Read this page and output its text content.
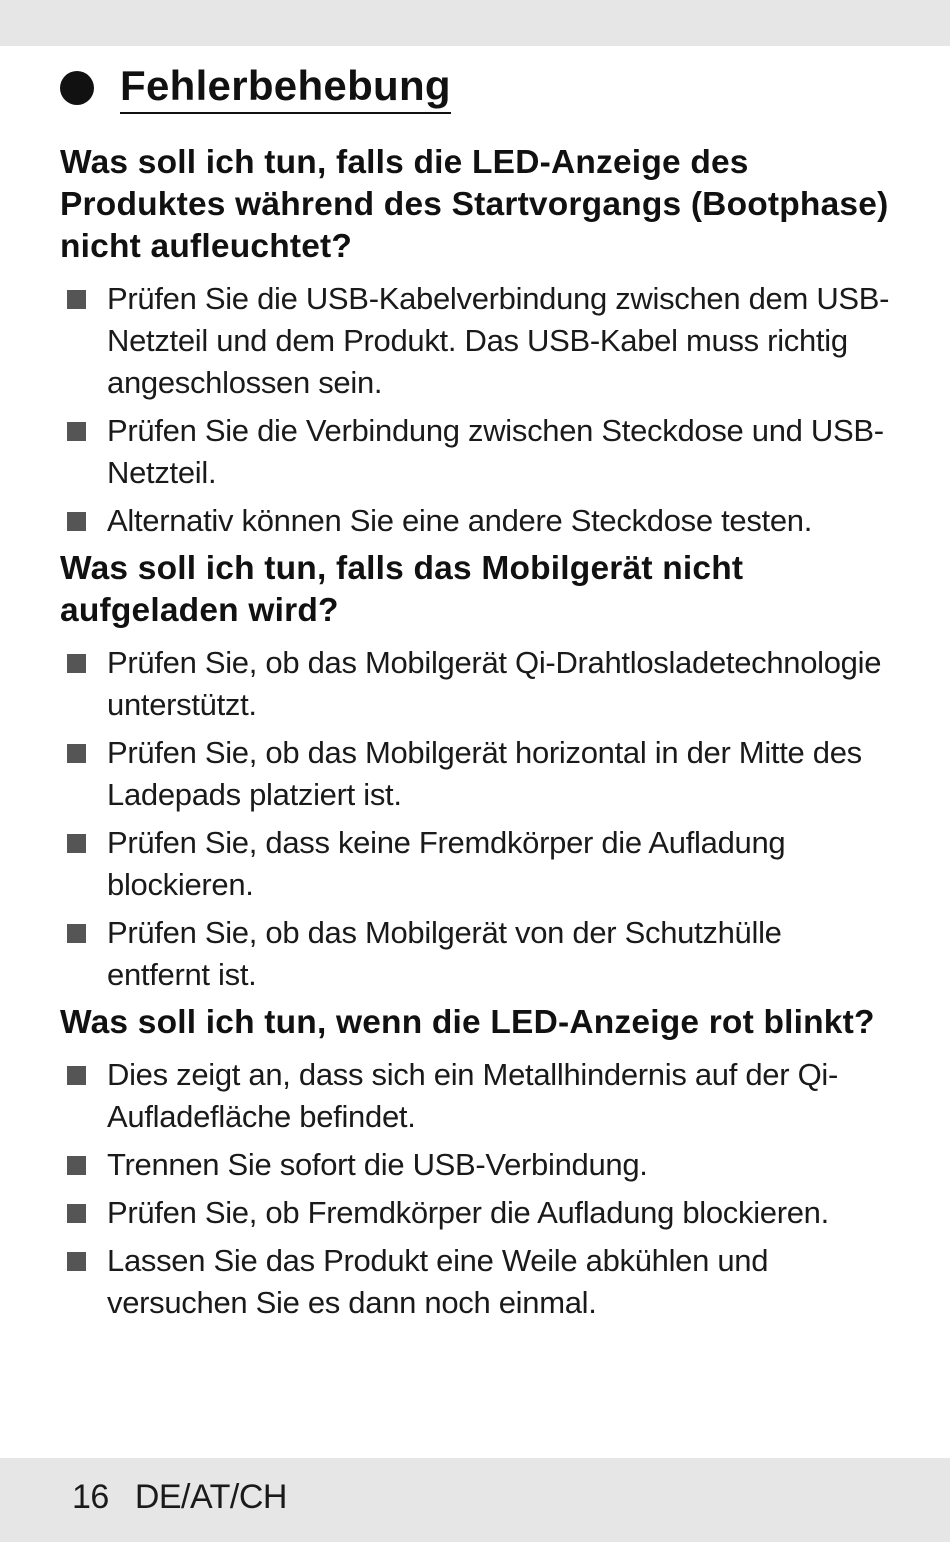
Fehlerbehebung

Was soll ich tun, falls die LED-Anzeige des Produktes während des Startvorgangs (Bootphase) nicht aufleuchtet?

Prüfen Sie die USB-Kabelverbindung zwischen dem USB-Netzteil und dem Produkt. Das USB-Kabel muss richtig angeschlossen sein.
Prüfen Sie die Verbindung zwischen Steckdose und USB-Netzteil.
Alternativ können Sie eine andere Steckdose testen.

Was soll ich tun, falls das Mobilgerät nicht aufgeladen wird?

Prüfen Sie, ob das Mobilgerät Qi-Drahtlosladetechnologie unterstützt.
Prüfen Sie, ob das Mobilgerät horizontal in der Mitte des Ladepads platziert ist.
Prüfen Sie, dass keine Fremdkörper die Aufladung blockieren.
Prüfen Sie, ob das Mobilgerät von der Schutzhülle entfernt ist.

Was soll ich tun, wenn die LED-Anzeige rot blinkt?

Dies zeigt an, dass sich ein Metallhindernis auf der Qi-Aufladefläche befindet.
Trennen Sie sofort die USB-Verbindung.
Prüfen Sie, ob Fremdkörper die Aufladung blockieren.
Lassen Sie das Produkt eine Weile abkühlen und versuchen Sie es dann noch einmal.
16 DE/AT/CH
